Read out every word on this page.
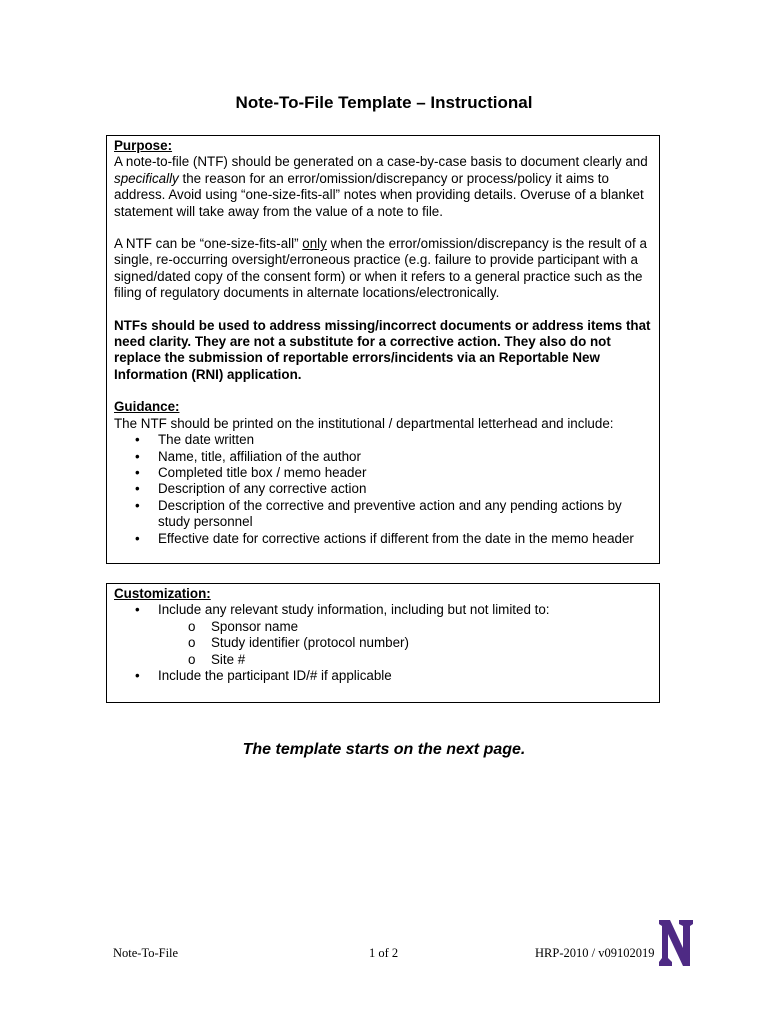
Note-To-File Template – Instructional
Purpose:

A note-to-file (NTF) should be generated on a case-by-case basis to document clearly and specifically the reason for an error/omission/discrepancy or process/policy it aims to address. Avoid using “one-size-fits-all” notes when providing details. Overuse of a blanket statement will take away from the value of a note to file.

A NTF can be “one-size-fits-all” only when the error/omission/discrepancy is the result of a single, re-occurring oversight/erroneous practice (e.g. failure to provide participant with a signed/dated copy of the consent form) or when it refers to a general practice such as the filing of regulatory documents in alternate locations/electronically.

NTFs should be used to address missing/incorrect documents or address items that need clarity. They are not a substitute for a corrective action. They also do not replace the submission of reportable errors/incidents via an Reportable New Information (RNI) application.

Guidance:

The NTF should be printed on the institutional / departmental letterhead and include:

• The date written
• Name, title, affiliation of the author
• Completed title box / memo header
• Description of any corrective action
• Description of the corrective and preventive action and any pending actions by study personnel
• Effective date for corrective actions if different from the date in the memo header
Customization:
• Include any relevant study information, including but not limited to:
o Sponsor name
o Study identifier (protocol number)
o Site #
• Include the participant ID/# if applicable
The template starts on the next page.
Note-To-File	1 of 2	HRP-2010 / v09102019
